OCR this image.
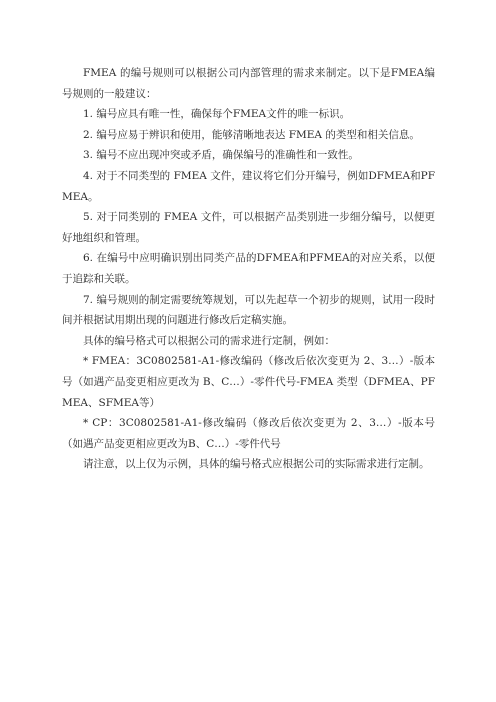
FMEA 的编号规则可以根据公司内部管理的需求来制定。以下是FMEA编号规则的一般建议：

1. 编号应具有唯一性，确保每个FMEA文件的唯一标识。

2. 编号应易于辨识和使用，能够清晰地表达 FMEA 的类型和相关信息。

3. 编号不应出现冲突或矛盾，确保编号的准确性和一致性。

4. 对于不同类型的 FMEA 文件，建议将它们分开编号，例如DFMEA和PFMEA。

5. 对于同类别的 FMEA 文件，可以根据产品类别进一步细分编号，以便更好地组织和管理。

6. 在编号中应明确识别出同类产品的DFMEA和PFMEA的对应关系，以便于追踪和关联。

7. 编号规则的制定需要统筹规划，可以先起草一个初步的规则，试用一段时间并根据试用期出现的问题进行修改后定稿实施。

具体的编号格式可以根据公司的需求进行定制，例如：

* FMEA：3C0802581-A1-修改编码（修改后依次变更为 2、3…）-版本号（如遇产品变更相应更改为 B、C…）-零件代号-FMEA 类型（DFMEA、PFMEA、SFMEA等）

* CP：3C0802581-A1-修改编码（修改后依次变更为 2、3…）-版本号（如遇产品变更相应更改为B、C…）-零件代号

请注意，以上仅为示例，具体的编号格式应根据公司的实际需求进行定制。
